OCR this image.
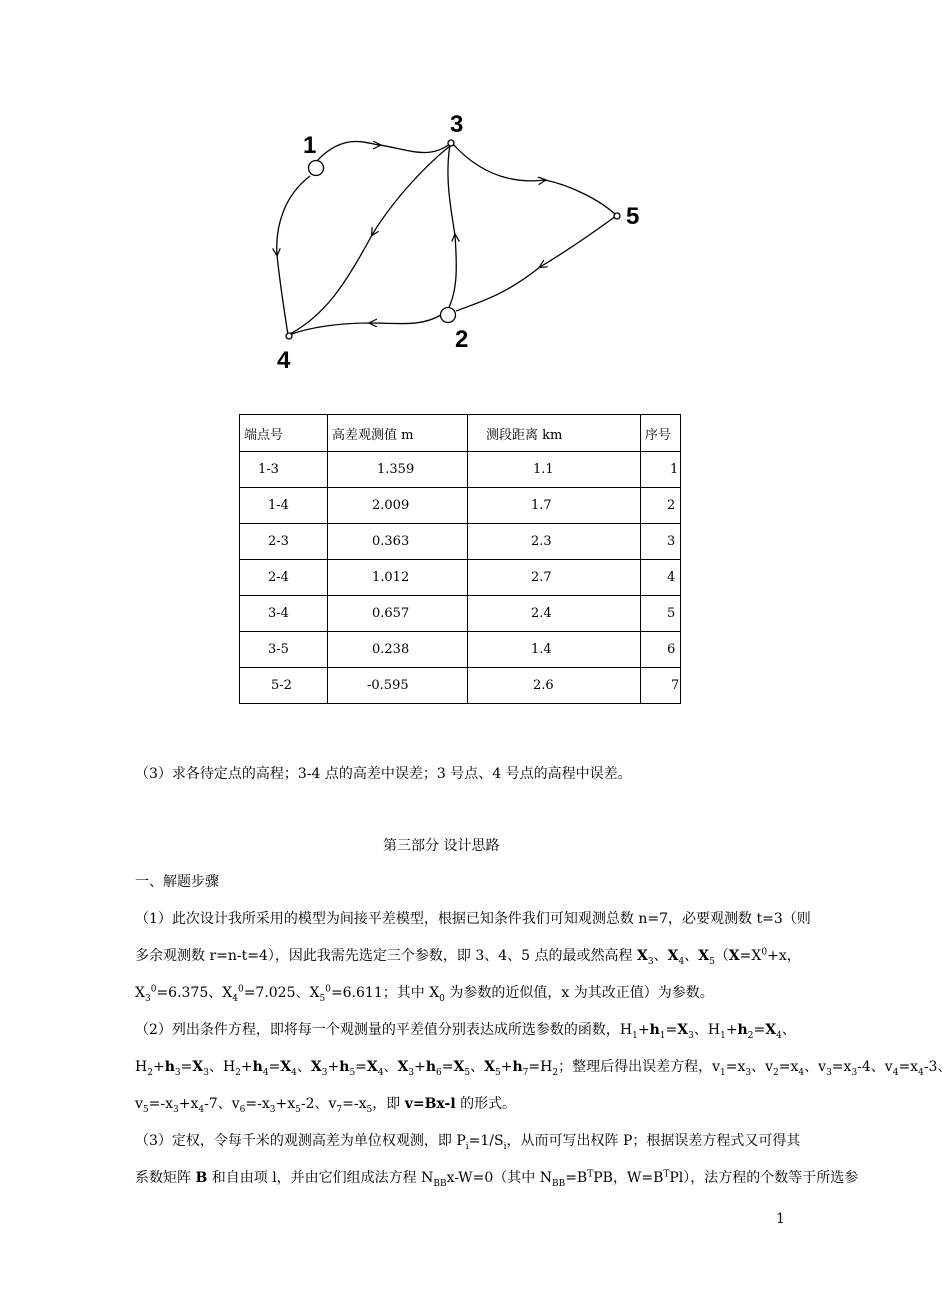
1
2
3
4
5
端点号	高差观测值 m	测段距离 km	序号
1-3	1.359	1.1	1
1-4	2.009	1.7	2
2-3	0.363	2.3	3
2-4	1.012	2.7	4
3-4	0.657	2.4	5
3-5	0.238	1.4	6
5-2	-0.595	2.6	7
（3）求各待定点的高程；3-4 点的高差中误差；3 号点、4 号点的高程中误差。
第三部分 设计思路
一、解题步骤
（1）此次设计我所采用的模型为间接平差模型，根据已知条件我们可知观测总数 n=7，必要观测数 t=3（则
多余观测数 r=n-t=4），因此我需先选定三个参数，即 3、4、5 点的最或然高程 $X_3$、$X_4$、$X_5(X=X^0+x$，
$X_3^0=6.375$、$X_4^0=7.025$、$X_5^0=6.611$；其中 $X_0$ 为参数的近似值，x 为其改正值）为参数。
（2）列出条件方程，即将每一个观测量的平差值分别表达成所选参数的函数，$H_1+h_1=X_3$、$H_1+h_2=X_4$、
$H_2+h_3=X_3$、$H_2+h_4=X_4$、$X_3+h_5=X_4$、$X_3+h_6=X_5$、$X_5+h_7=H_2$；整理后得出误差方程，$v_1=x_3$、$v_2=x_4$、$v_3=x_3-4$、$v_4=x_4-3$、
$v_5=-x_3+x_4-7$、$v_6=-x_3+x_5-2$、$v_7=-x_5$，即 v=Bx-l 的形式。
（3）定权，令每千米的观测高差为单位权观测，即 $P_i=1/S_i$，从而可写出权阵 P；根据误差方程式又可得其
系数矩阵 B 和自由项 l，并由它们组成法方程 $N_{BB}x-W=0$（其中 $N_{BB}=B^TPB$，$W=B^TPl$），法方程的个数等于所选参
1
